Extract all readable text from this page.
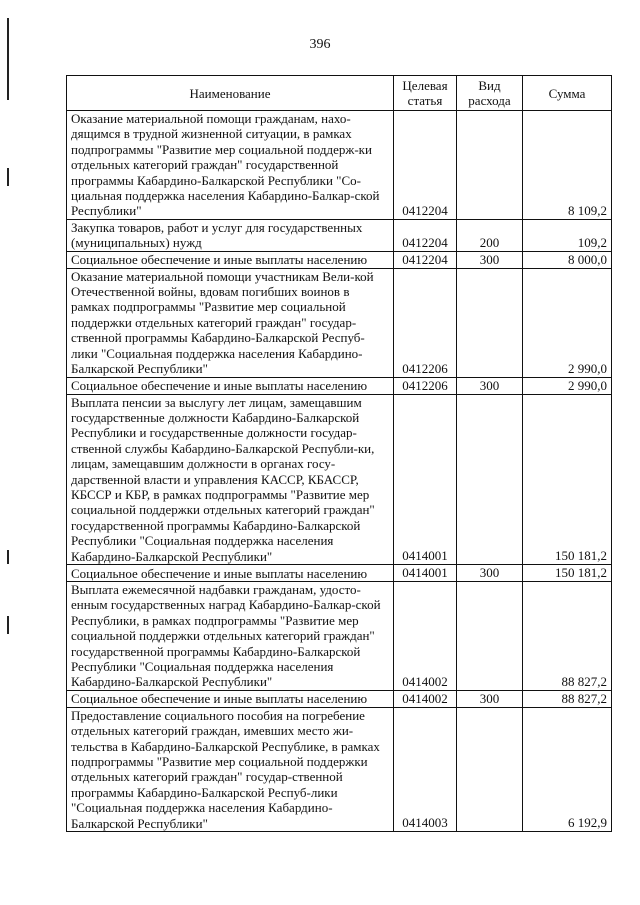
396
Наименование	Целевая статья	Вид расхода	Сумма
Оказание материальной помощи гражданам, нахо-дящимся в трудной жизненной ситуации, в рамках подпрограммы "Развитие мер социальной поддерж-ки отдельных категорий граждан" государственной программы Кабардино-Балкарской Республики "Со-циальная поддержка населения Кабардино-Балкар-ской Республики"	0412204		8 109,2
Закупка товаров, работ и услуг для государственных (муниципальных) нужд	0412204	200	109,2
Социальное обеспечение и иные выплаты населению	0412204	300	8 000,0
Оказание материальной помощи участникам Вели-кой Отечественной войны, вдовам погибших воинов в рамках подпрограммы "Развитие мер социальной поддержки отдельных категорий граждан" государ-ственной программы Кабардино-Балкарской Респуб-лики "Социальная поддержка населения Кабардино-Балкарской Республики"	0412206		2 990,0
Социальное обеспечение и иные выплаты населению	0412206	300	2 990,0
Выплата пенсии за выслугу лет лицам, замещавшим государственные должности Кабардино-Балкарской Республики и государственные должности государ-ственной службы Кабардино-Балкарской Республи-ки, лицам, замещавшим должности в органах госу-дарственной власти и управления КАССР, КБАССР, КБССР и КБР, в рамках подпрограммы "Развитие мер социальной поддержки отдельных категорий граждан" государственной программы Кабардино-Балкарской Республики "Социальная поддержка населения Кабардино-Балкарской Республики"	0414001		150 181,2
Социальное обеспечение и иные выплаты населению	0414001	300	150 181,2
Выплата ежемесячной надбавки гражданам, удосто-енным государственных наград Кабардино-Балкар-ской Республики, в рамках подпрограммы "Развитие мер социальной поддержки отдельных категорий граждан" государственной программы Кабардино-Балкарской Республики "Социальная поддержка населения Кабардино-Балкарской Республики"	0414002		88 827,2
Социальное обеспечение и иные выплаты населению	0414002	300	88 827,2
Предоставление социального пособия на погребение отдельных категорий граждан, имевших место жи-тельства в Кабардино-Балкарской Республике, в рамках подпрограммы "Развитие мер социальной поддержки отдельных категорий граждан" государ-ственной программы Кабардино-Балкарской Респуб-лики "Социальная поддержка населения Кабардино-Балкарской Республики"	0414003		6 192,9
